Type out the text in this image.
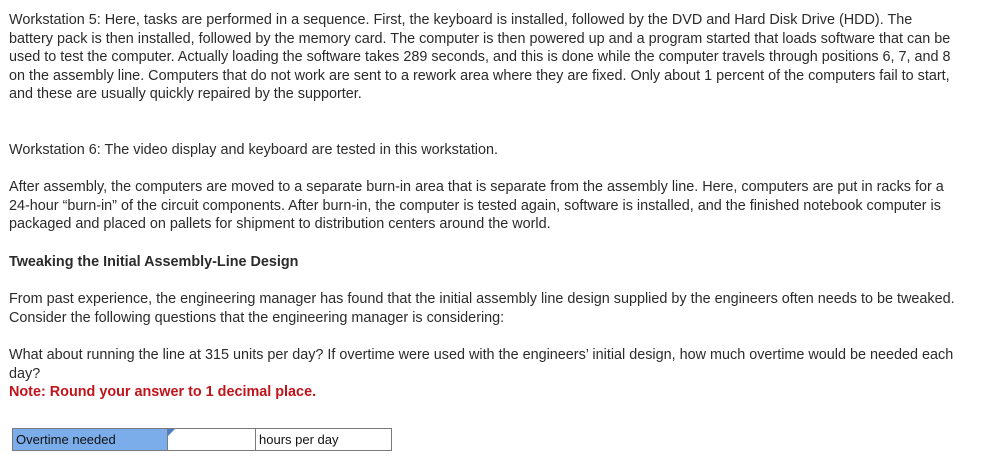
Workstation 5: Here, tasks are performed in a sequence. First, the keyboard is installed, followed by the DVD and Hard Disk Drive (HDD). The battery pack is then installed, followed by the memory card. The computer is then powered up and a program started that loads software that can be used to test the computer. Actually loading the software takes 289 seconds, and this is done while the computer travels through positions 6, 7, and 8 on the assembly line. Computers that do not work are sent to a rework area where they are fixed. Only about 1 percent of the computers fail to start, and these are usually quickly repaired by the supporter.

Workstation 6: The video display and keyboard are tested in this workstation.

After assembly, the computers are moved to a separate burn-in area that is separate from the assembly line. Here, computers are put in racks for a 24-hour “burn-in” of the circuit components. After burn-in, the computer is tested again, software is installed, and the finished notebook computer is packaged and placed on pallets for shipment to distribution centers around the world.

Tweaking the Initial Assembly-Line Design

From past experience, the engineering manager has found that the initial assembly line design supplied by the engineers often needs to be tweaked. Consider the following questions that the engineering manager is considering:

What about running the line at 315 units per day? If overtime were used with the engineers’ initial design, how much overtime would be needed each day?

Note: Round your answer to 1 decimal place.

Overtime needed	hours per day
